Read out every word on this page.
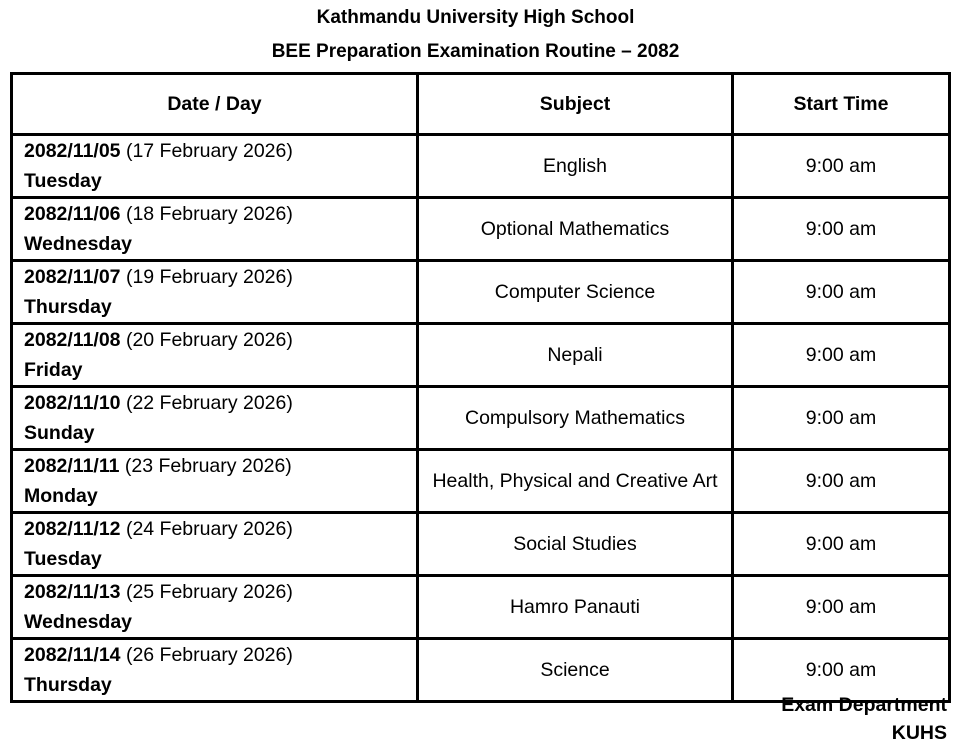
Kathmandu University High School
BEE Preparation Examination Routine – 2082
Date / Day	Subject	Start Time
2082/11/05 (17 February 2026)
Tuesday	English	9:00 am
2082/11/06 (18 February 2026)
Wednesday	Optional Mathematics	9:00 am
2082/11/07 (19 February 2026)
Thursday	Computer Science	9:00 am
2082/11/08 (20 February 2026)
Friday	Nepali	9:00 am
2082/11/10 (22 February 2026)
Sunday	Compulsory Mathematics	9:00 am
2082/11/11 (23 February 2026)
Monday	Health, Physical and Creative Art	9:00 am
2082/11/12 (24 February 2026)
Tuesday	Social Studies	9:00 am
2082/11/13 (25 February 2026)
Wednesday	Hamro Panauti	9:00 am
2082/11/14 (26 February 2026)
Thursday	Science	9:00 am
Exam Department
KUHS
